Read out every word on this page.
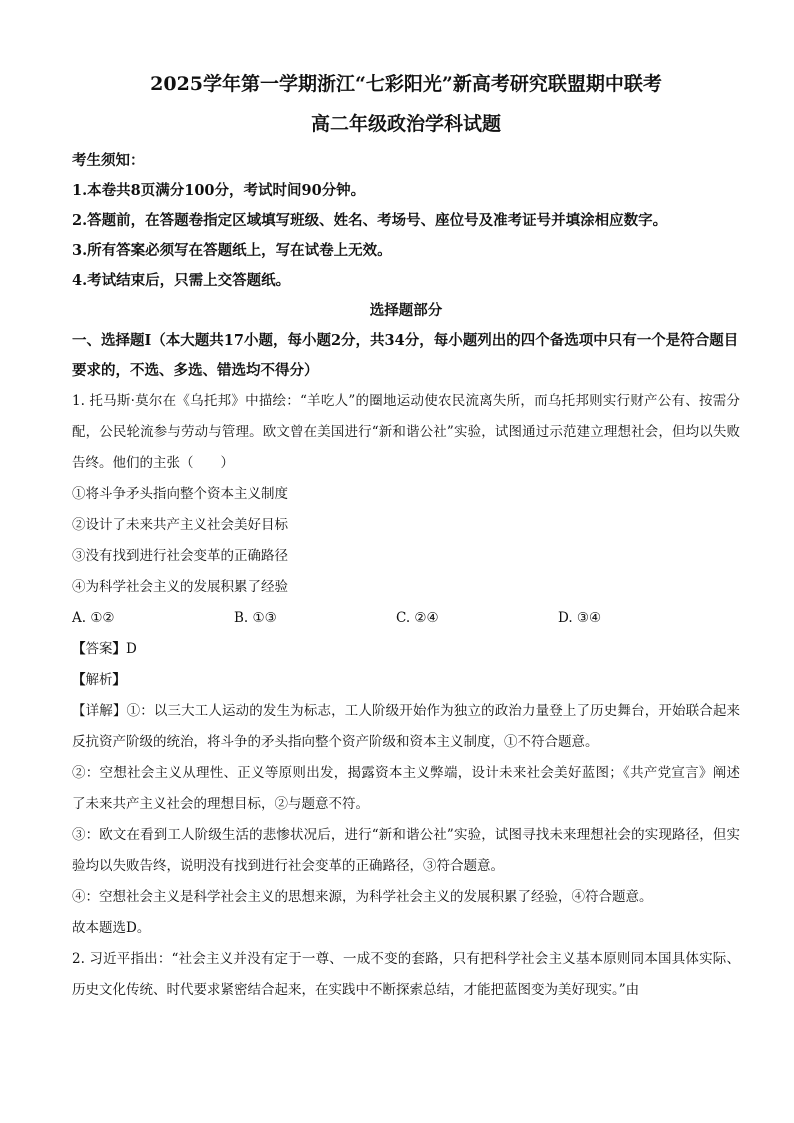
2025学年第一学期浙江“七彩阳光”新高考研究联盟期中联考

高二年级政治学科试题

考生须知：

1.本卷共8页满分100分，考试时间90分钟。

2.答题前，在答题卷指定区域填写班级、姓名、考场号、座位号及准考证号并填涂相应数字。

3.所有答案必须写在答题纸上，写在试卷上无效。

4.考试结束后，只需上交答题纸。

选择题部分

一、选择题Ⅰ（本大题共17小题，每小题2分，共34分，每小题列出的四个备选项中只有一个是符合题目要求的，不选、多选、错选均不得分）

1. 托马斯·莫尔在《乌托邦》中描绘：“羊吃人”的圈地运动使农民流离失所，而乌托邦则实行财产公有、按需分配，公民轮流参与劳动与管理。欧文曾在美国进行“新和谐公社”实验，试图通过示范建立理想社会，但均以失败告终。他们的主张（　　）

①将斗争矛头指向整个资本主义制度

②设计了未来共产主义社会美好目标

③没有找到进行社会变革的正确路径

④为科学社会主义的发展积累了经验

A. ①②	B. ①③	C. ②④	D. ③④

【答案】D

【解析】

【详解】①：以三大工人运动的发生为标志，工人阶级开始作为独立的政治力量登上了历史舞台，开始联合起来反抗资产阶级的统治，将斗争的矛头指向整个资产阶级和资本主义制度，①不符合题意。

②：空想社会主义从理性、正义等原则出发，揭露资本主义弊端，设计未来社会美好蓝图；《共产党宣言》阐述了未来共产主义社会的理想目标，②与题意不符。

③：欧文在看到工人阶级生活的悲惨状况后，进行“新和谐公社”实验，试图寻找未来理想社会的实现路径，但实验均以失败告终，说明没有找到进行社会变革的正确路径，③符合题意。

④：空想社会主义是科学社会主义的思想来源，为科学社会主义的发展积累了经验，④符合题意。

故本题选D。

2. 习近平指出：“社会主义并没有定于一尊、一成不变的套路，只有把科学社会主义基本原则同本国具体实际、历史文化传统、时代要求紧密结合起来，在实践中不断探索总结，才能把蓝图变为美好现实。”由
